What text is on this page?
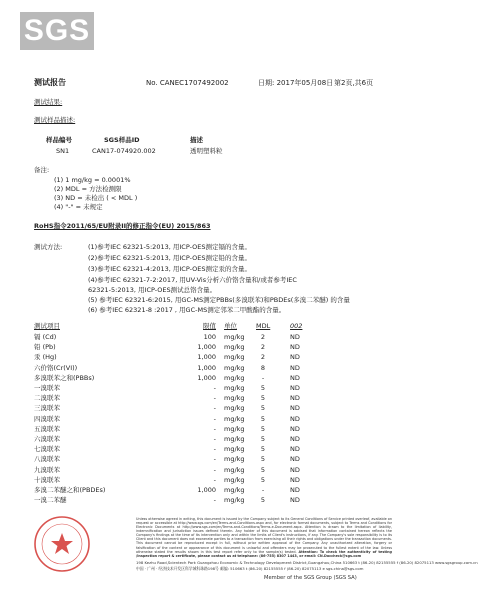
SGS
测试报告	No. CANEC1707492002	日期: 2017年05月08日 第2页,共6页
测试结果:
测试样品描述:
样品编号	SGS样品ID	描述
SN1	CAN17-074920.002	透明塑料粒
备注:
(1) 1 mg/kg = 0.0001%
(2) MDL = 方法检测限
(3) ND = 未检出 ( < MDL )
(4) "-" = 未规定
RoHS指令2011/65/EU附录II的修正指令(EU) 2015/863
测试方法:	(1)参考IEC 62321-5:2013, 用ICP-OES测定镉的含量。
(2)参考IEC 62321-5:2013, 用ICP-OES测定铅的含量。
(3)参考IEC 62321-4:2013, 用ICP-OES测定汞的含量。
(4)参考IEC 62321-7-2:2017, 用UV-Vis分析六价铬含量和/或者参考IEC
62321-5:2013, 用ICP-OES测试总铬含量。
(5) 参考IEC 62321-6:2015, 用GC-MS测定PBBs(多溴联苯)和PBDEs(多溴二苯醚) 的含量
(6) 参考IEC 62321-8 :2017 , 用GC-MS测定邻苯二甲酸酯的含量。
测试项目	限值 单位	MDL	002
镉 (Cd)	100 mg/kg	2	ND
铅 (Pb)	1,000 mg/kg	2	ND
汞 (Hg)	1,000 mg/kg	2	ND
六价铬(Cr(VI))	1,000 mg/kg	8	ND
多溴联苯之和(PBBs)	1,000 mg/kg	-	ND
一溴联苯	- mg/kg	5	ND
二溴联苯	- mg/kg	5	ND
三溴联苯	- mg/kg	5	ND
四溴联苯	- mg/kg	5	ND
五溴联苯	- mg/kg	5	ND
六溴联苯	- mg/kg	5	ND
七溴联苯	- mg/kg	5	ND
八溴联苯	- mg/kg	5	ND
九溴联苯	- mg/kg	5	ND
十溴联苯	- mg/kg	5	ND
多溴二苯醚之和(PBDEs)	1,000 mg/kg	-	ND
一溴二苯醚	- mg/kg	5	ND
Unless otherwise agreed in writing, this document is issued by the Company subject to its General Conditions of Service printed overleaf, available on request or accessible at http://www.sgs.com/en/Terms-and-Conditions.aspx and, for electronic format documents, subject to Terms and Conditions for Electronic Documents at http://www.sgs.com/en/Terms-and-Conditions/Terms-e-Document.aspx. Attention is drawn to the limitation of liability, indemnification and jurisdiction issues defined therein. Any holder of this document is advised that information contained hereon reflects the Company's findings at the time of its intervention only and within the limits of Client's instructions, if any. The Company's sole responsibility is to its Client and this document does not exonerate parties to a transaction from exercising all their rights and obligations under the transaction documents. This document cannot be reproduced except in full, without prior written approval of the Company. Any unauthorized alteration, forgery or falsification of the content or appearance of this document is unlawful and offenders may be prosecuted to the fullest extent of the law. Unless otherwise stated the results shown in this test report refer only to the sample(s) tested. Attention: To check the authenticity of testing /inspection report & certificate, please contact us at telephone: (86-755) 8307 1443, or email: CN.Doccheck@sgs.com
198 Kezhu Road,Scientech Park Guangzhou Economic & Technology Development District,Guangzhou,China 510663 t (86-20) 82155555 f (86-20) 82075113 www.sgsgroup.com.cn
中国 · 广州 · 经济技术开发区科学城科珠路198号 邮编: 510663 t (86-20) 82155555 f (86-20) 82075113 e sgs.china@sgs.com
Member of the SGS Group (SGS SA)
